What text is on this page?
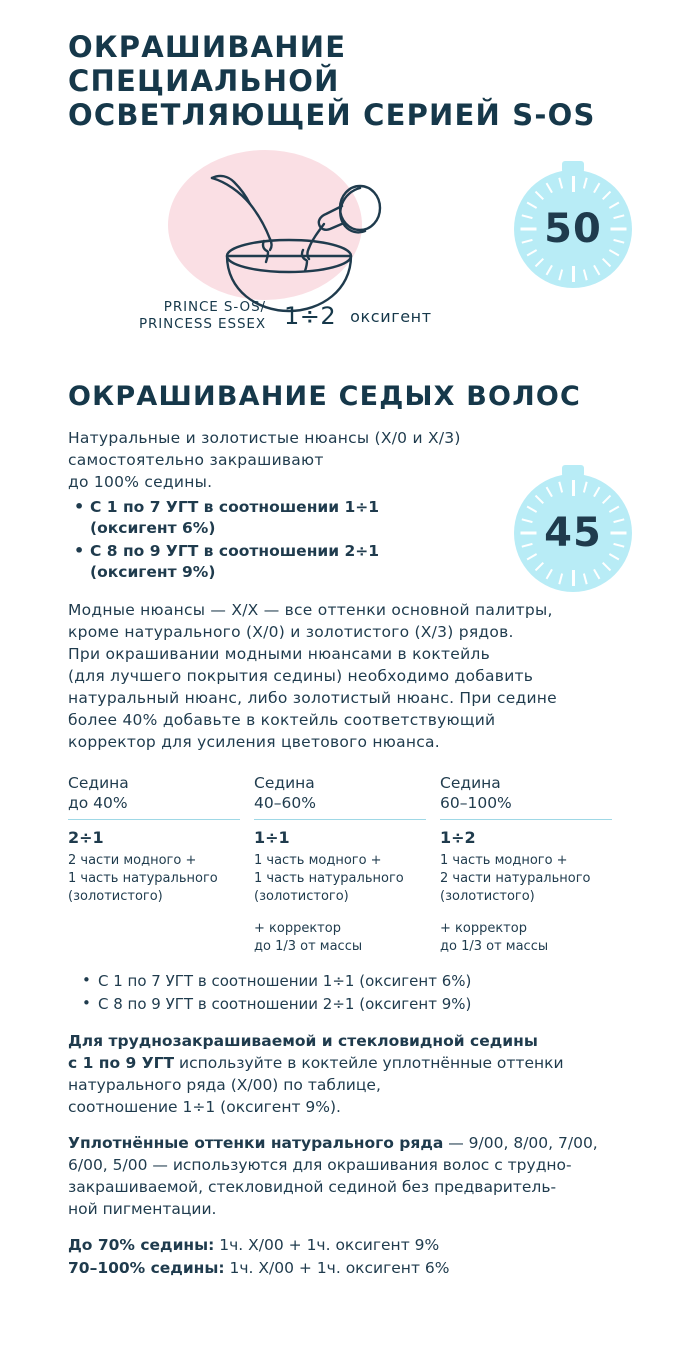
ОКРАШИВАНИЕ СПЕЦИАЛЬНОЙ
ОСВЕТЛЯЮЩЕЙ СЕРИЕЙ S-OS
PRINCE S-OS/
PRINCESS ESSEX 1÷2 оксигент
50
ОКРАШИВАНИЕ СЕДЫХ ВОЛОС
45

Натуральные и золотистые нюансы (Х/0 и Х/3)

самостоятельно закрашивают

до 100% седины.

• С 1 по 7 УГТ в соотношении 1÷1
(оксигент 6%)
• С 8 по 9 УГТ в соотношении 2÷1
(оксигент 9%)

Модные нюансы — Х/Х — все оттенки основной палитры,

кроме натурального (Х/0) и золотистого (Х/3) рядов.

При окрашивании модными нюансами в коктейль

(для лучшего покрытия седины) необходимо добавить

натуральный нюанс, либо золотистый нюанс. При седине

более 40% добавьте в коктейль соответствующий

корректор для усиления цветового нюанса.

Седина
до 40%
2÷1
2 части модного +
1 часть натурального
(золотистого)
Седина
40–60%
1÷1
1 часть модного +
1 часть натурального
(золотистого)
+ корректор
до 1/3 от массы
Седина
60–100%
1÷2
1 часть модного +
2 части натурального
(золотистого)
+ корректор
до 1/3 от массы
• С 1 по 7 УГТ в соотношении 1÷1 (оксигент 6%)
• С 8 по 9 УГТ в соотношении 2÷1 (оксигент 9%)

Для труднозакрашиваемой и стекловидной седины

с 1 по 9 УГТ используйте в коктейле уплотнённые оттенки

натурального ряда (Х/00) по таблице,

соотношение 1÷1 (оксигент 9%).

Уплотнённые оттенки натурального ряда — 9/00, 8/00, 7/00,

6/00, 5/00 — используются для окрашивания волос с трудно-

закрашиваемой, стекловидной сединой без предваритель-

ной пигментации.

До 70% седины: 1ч. Х/00 + 1ч. оксигент 9%

70–100% седины: 1ч. Х/00 + 1ч. оксигент 6%
